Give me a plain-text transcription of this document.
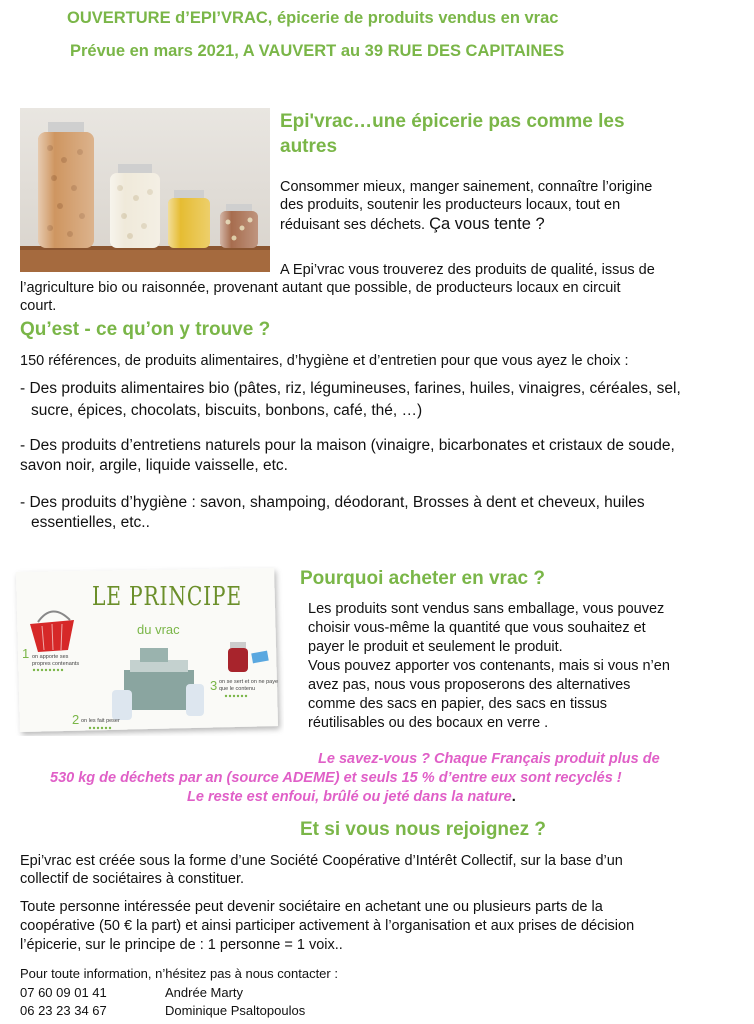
OUVERTURE d’EPI’VRAC, épicerie de produits vendus en vrac
Prévue en mars 2021, A VAUVERT au 39 RUE DES CAPITAINES
Epi'vrac…une épicerie pas comme les
autres
Consommer mieux, manger sainement, connaître l’origine
des produits, soutenir les producteurs locaux, tout en
réduisant ses déchets. Ça vous tente ?
A Epi’vrac vous trouverez des produits de qualité, issus de
l’agriculture bio ou raisonnée, provenant autant que possible, de producteurs locaux en circuit
court.
Qu’est - ce qu’on y trouve ?
150 références, de produits alimentaires, d’hygiène et d’entretien pour que vous ayez le choix :
- Des produits alimentaires bio (pâtes, riz, légumineuses, farines, huiles, vinaigres, céréales, sel,
sucre, épices, chocolats, biscuits, bonbons, café, thé, …)
- Des produits d’entretiens naturels pour la maison (vinaigre, bicarbonates et cristaux de soude,
savon noir, argile, liquide vaisselle, etc.
- Des produits d’hygiène : savon, shampoing, déodorant, Brosses à dent et cheveux, huiles
essentielles, etc..
1
2
3
LE PRINCIPE
du vrac
on apporte ses
propres contenants
on les fait peser
on se sert et on ne paye
que le contenu
Pourquoi acheter en vrac ?
Les produits sont vendus sans emballage, vous pouvez
choisir vous-même la quantité que vous souhaitez et
payer le produit et seulement le produit.
Vous pouvez apporter vos contenants, mais si vous n’en
avez pas, nous vous proposerons des alternatives
comme des sacs en papier, des sacs en tissus
réutilisables ou des bocaux en verre .
Le savez-vous ? Chaque Français produit plus de
530 kg de déchets par an (source ADEME) et seuls 15 % d’entre eux sont recyclés !
Le reste est enfoui, brûlé ou jeté dans la nature.
Et si vous nous rejoignez ?
Epi’vrac est créée sous la forme d’une Société Coopérative d’Intérêt Collectif, sur la base d’un
collectif de sociétaires à constituer.
Toute personne intéressée peut devenir sociétaire en achetant une ou plusieurs parts de la
coopérative (50 € la part) et ainsi participer activement à l’organisation et aux prises de décision
l’épicerie, sur le principe de : 1 personne = 1 voix..
Pour toute information, n’hésitez pas à nous contacter :
07 60 09 01 41	Andrée Marty
06 23 23 34 67	Dominique Psaltopoulos
